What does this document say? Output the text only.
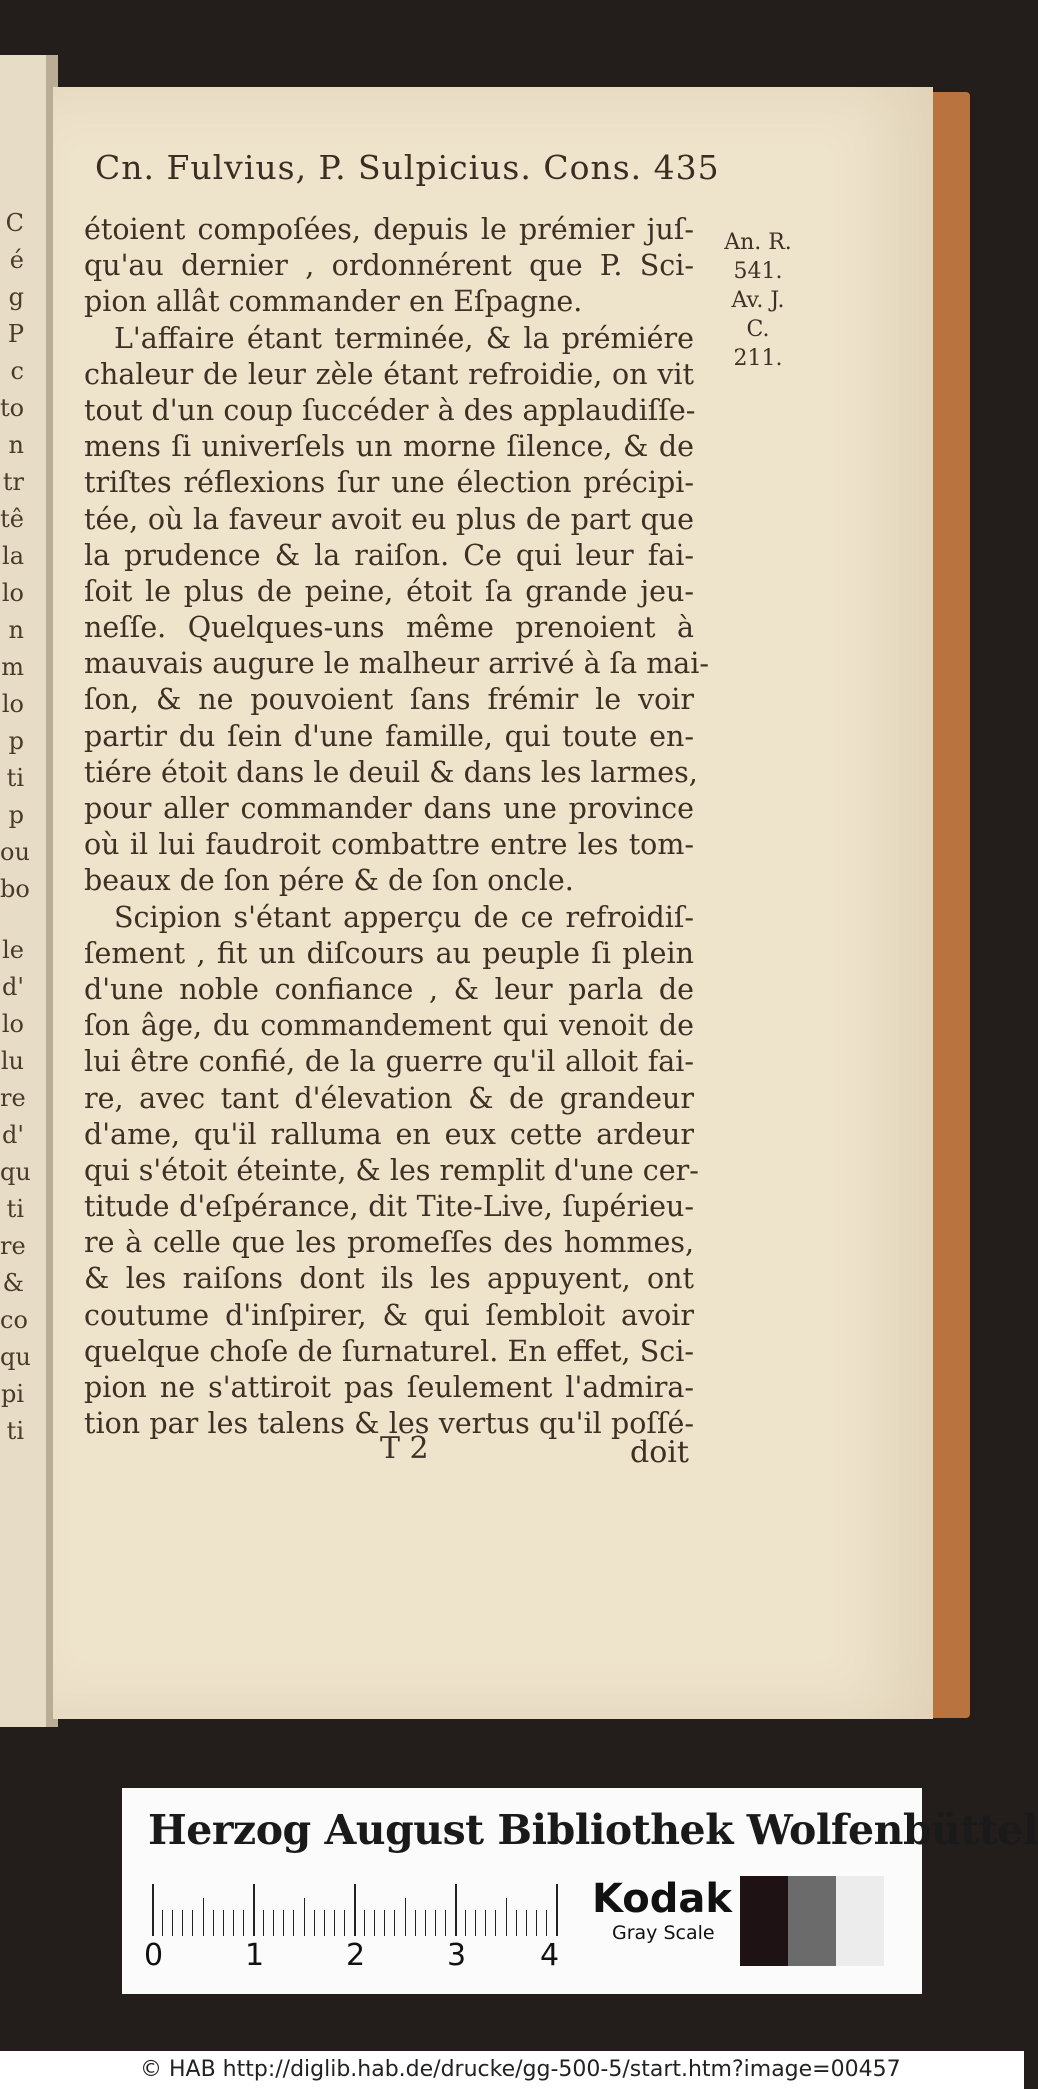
C
é
g
P
c
to
n
tr
tê
la
lo
n
m
lo
p
ti
p
ou
bo
le
d'
lo
lu
re
d'
qu
ti
re
&
co
qu
pi
ti
Cn. Fulvius, P. Sulpicius. Cons. 435
An. R.
541.
Av. J. C.
211.
étoient compoſées, depuis le prémier juſ-
qu'au dernier , ordonnérent que P. Sci-
pion allât commander en Eſpagne.
L'affaire étant terminée, & la prémiére
chaleur de leur zèle étant refroidie, on vit
tout d'un coup ſuccéder à des applaudiſſe-
mens ſi univerſels un morne ſilence, & de
triſtes réflexions ſur une élection précipi-
tée, où la faveur avoit eu plus de part que
la prudence & la raiſon. Ce qui leur fai-
ſoit le plus de peine, étoit ſa grande jeu-
neſſe. Quelques-uns même prenoient à
mauvais augure le malheur arrivé à ſa mai-
ſon, & ne pouvoient ſans frémir le voir
partir du ſein d'une famille, qui toute en-
tiére étoit dans le deuil & dans les larmes,
pour aller commander dans une province
où il lui faudroit combattre entre les tom-
beaux de ſon pére & de ſon oncle.
Scipion s'étant apperçu de ce refroidiſ-
ſement , fit un diſcours au peuple ſi plein
d'une noble confiance , & leur parla de
ſon âge, du commandement qui venoit de
lui être confié, de la guerre qu'il alloit fai-
re, avec tant d'élevation & de grandeur
d'ame, qu'il ralluma en eux cette ardeur
qui s'étoit éteinte, & les remplit d'une cer-
titude d'eſpérance, dit Tite-Live, ſupérieu-
re à celle que les promeſſes des hommes,
& les raiſons dont ils les appuyent, ont
coutume d'inſpirer, & qui ſembloit avoir
quelque choſe de ſurnaturel. En effet, Sci-
pion ne s'attiroit pas ſeulement l'admira-
tion par les talens & les vertus qu'il poſſé-
T 2	doit
Herzog August Bibliothek Wolfenbüttel
0	1	2	3 4
Kodak
Gray Scale
© HAB http://diglib.hab.de/drucke/gg-500-5/start.htm?image=00457
